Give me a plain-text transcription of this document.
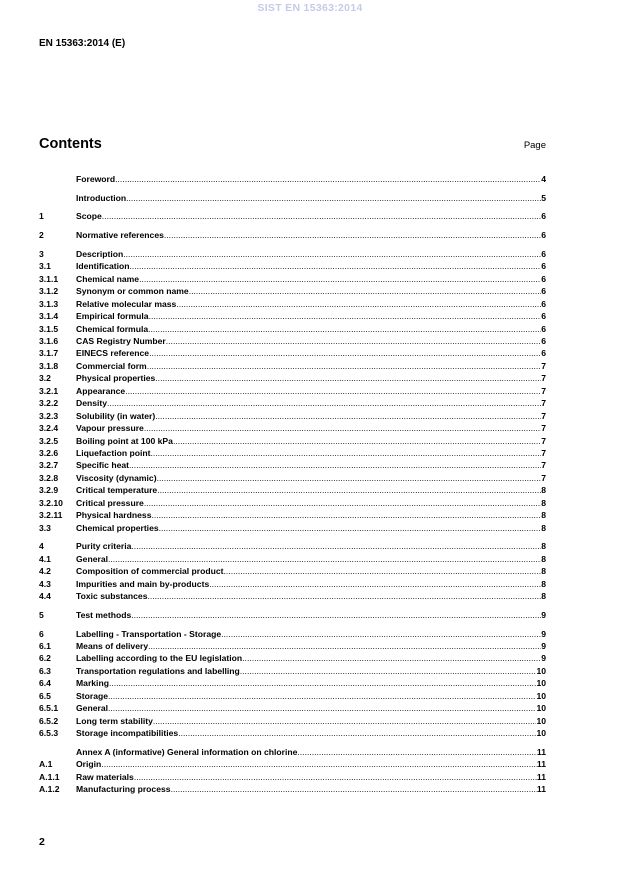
SIST EN 15363:2014
EN 15363:2014 (E)
Contents	Page
Foreword .....	4
Introduction .....	5
1	Scope .....	6
2	Normative references .....	6
3	Description .....	6
3.1	Identification .....	6
3.1.1	Chemical name .....	6
3.1.2	Synonym or common name .....	6
3.1.3	Relative molecular mass .....	6
3.1.4	Empirical formula .....	6
3.1.5	Chemical formula .....	6
3.1.6	CAS Registry Number .....	6
3.1.7	EINECS reference .....	6
3.1.8	Commercial form .....	7
3.2	Physical properties .....	7
3.2.1	Appearance .....	7
3.2.2	Density .....	7
3.2.3	Solubility (in water) .....	7
3.2.4	Vapour pressure .....	7
3.2.5	Boiling point at 100 kPa .....	7
3.2.6	Liquefaction point .....	7
3.2.7	Specific heat .....	7
3.2.8	Viscosity (dynamic) .....	7
3.2.9	Critical temperature .....	8
3.2.10	Critical pressure .....	8
3.2.11	Physical hardness .....	8
3.3	Chemical properties .....	8
4	Purity criteria .....	8
4.1	General .....	8
4.2	Composition of commercial product .....	8
4.3	Impurities and main by-products .....	8
4.4	Toxic substances .....	8
5	Test methods .....	9
6	Labelling - Transportation - Storage .....	9
6.1	Means of delivery .....	9
6.2	Labelling according to the EU legislation .....	9
6.3	Transportation regulations and labelling .....	10
6.4	Marking .....	10
6.5	Storage .....	10
6.5.1	General .....	10
6.5.2	Long term stability .....	10
6.5.3	Storage incompatibilities .....	10
Annex A (informative) General information on chlorine .....	11
A.1	Origin .....	11
A.1.1	Raw materials .....	11
A.1.2	Manufacturing process .....	11
2
